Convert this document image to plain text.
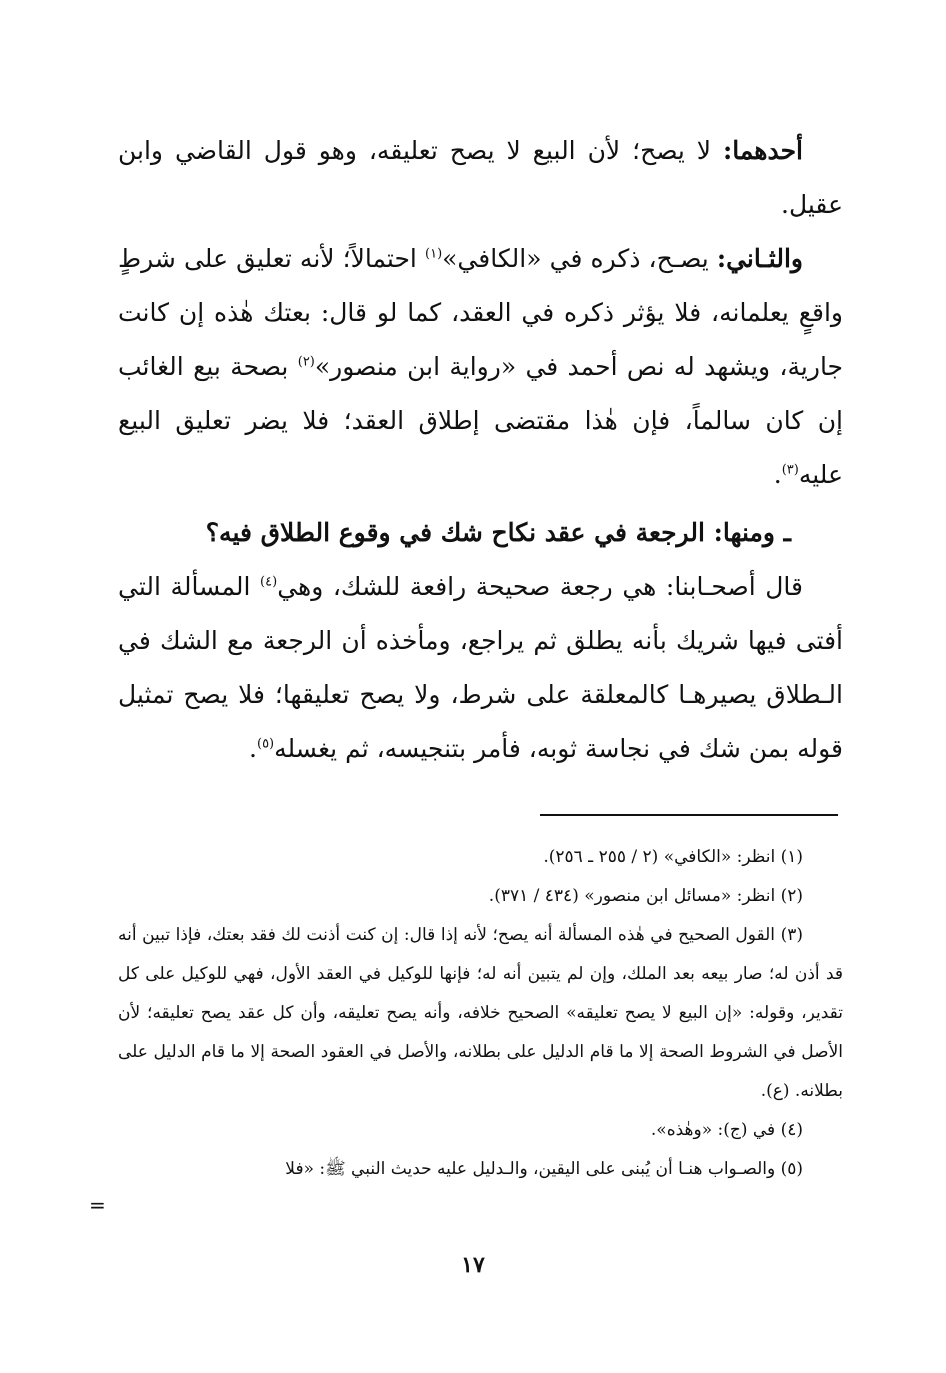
أحدهما: لا يصح؛ لأن البيع لا يصح تعليقه، وهو قول القاضي وابن عقيل.

والثـاني: يصـح، ذكره في «الكافي»$^{(١)}$ احتمالاً؛ لأنه تعليق على شرطٍ واقعٍ يعلمانه، فلا يؤثر ذكره في العقد، كما لو قال: بعتك هٰذه إن كانت جارية، ويشهد له نص أحمد في «رواية ابن منصور»$^{(٢)}$ بصحة بيع الغائب إن كان سالماً، فإن هٰذا مقتضى إطلاق العقد؛ فلا يضر تعليق البيع عليه$^{(٣)}$.

ـ ومنها: الرجعة في عقد نكاح شك في وقوع الطلاق فيه؟

قال أصحـابنا: هي رجعة صحيحة رافعة للشك، وهي$^{(٤)}$ المسألة التي أفتى فيها شريك بأنه يطلق ثم يراجع، ومأخذه أن الرجعة مع الشك في الـطلاق يصيرهـا كالمعلقة على شرط، ولا يصح تعليقها؛ فلا يصح تمثيل قوله بمن شك في نجاسة ثوبه، فأمر بتنجيسه، ثم يغسله$^{(٥)}$.

(١) انظر: «الكافي» (٢ / ٢٥٥ ـ ٢٥٦).

(٢) انظر: «مسائل ابن منصور» (٤٣٤ / ٣٧١).

(٣) القول الصحيح في هٰذه المسألة أنه يصح؛ لأنه إذا قال: إن كنت أذنت لك فقد بعتك، فإذا تبين أنه قد أذن له؛ صار بيعه بعد الملك، وإن لم يتبين أنه له؛ فإنها للوكيل في العقد الأول، فهي للوكيل على كل تقدير، وقوله: «إن البيع لا يصح تعليقه» الصحيح خلافه، وأنه يصح تعليقه، وأن كل عقد يصح تعليقه؛ لأن الأصل في الشروط الصحة إلا ما قام الدليل على بطلانه، والأصل في العقود الصحة إلا ما قام الدليل على بطلانه. (ع).

(٤) في (ج): «وهٰذه».

(٥) والصـواب هنـا أن يُبنى على اليقين، والـدليل عليه حديث النبي ﷺ: «فلا

=
١٧
